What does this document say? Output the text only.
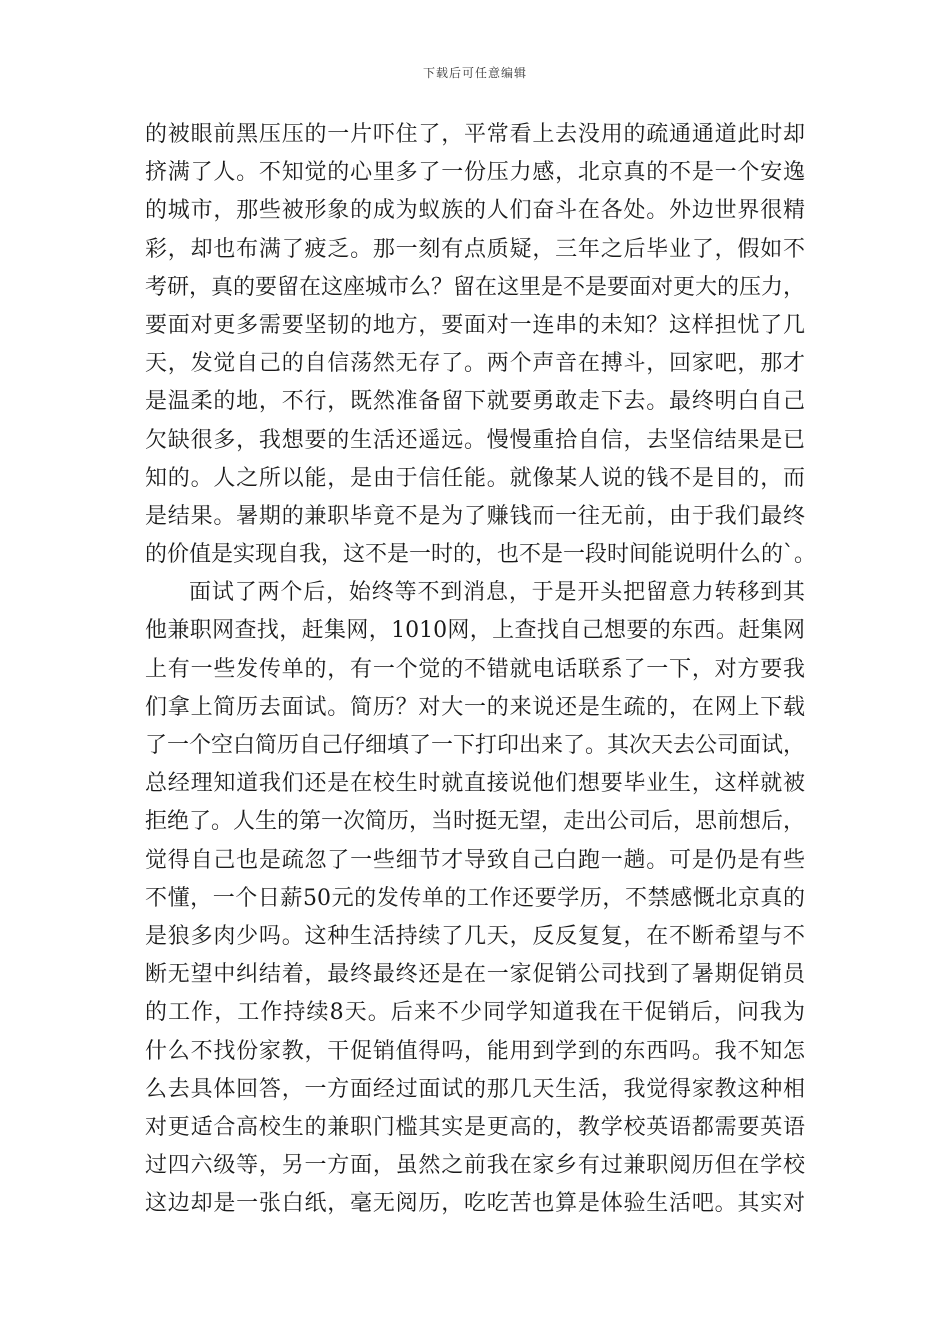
下载后可任意编辑
的被眼前黑压压的一片吓住了，平常看上去没用的疏通通道此时却
挤满了人。不知觉的心里多了一份压力感，北京真的不是一个安逸
的城市，那些被形象的成为蚁族的人们奋斗在各处。外边世界很精
彩，却也布满了疲乏。那一刻有点质疑，三年之后毕业了，假如不
考研，真的要留在这座城市么？留在这里是不是要面对更大的压力，
要面对更多需要坚韧的地方，要面对一连串的未知？这样担忧了几
天，发觉自己的自信荡然无存了。两个声音在搏斗，回家吧，那才
是温柔的地，不行，既然准备留下就要勇敢走下去。最终明白自己
欠缺很多，我想要的生活还遥远。慢慢重拾自信，去坚信结果是已
知的。人之所以能，是由于信任能。就像某人说的钱不是目的，而
是结果。暑期的兼职毕竟不是为了赚钱而一往无前，由于我们最终
的价值是实现自我，这不是一时的，也不是一段时间能说明什么的`。
面试了两个后，始终等不到消息，于是开头把留意力转移到其
他兼职网查找，赶集网，1010网，上查找自己想要的东西。赶集网
上有一些发传单的，有一个觉的不错就电话联系了一下，对方要我
们拿上简历去面试。简历？对大一的来说还是生疏的，在网上下载
了一个空白简历自己仔细填了一下打印出来了。其次天去公司面试，
总经理知道我们还是在校生时就直接说他们想要毕业生，这样就被
拒绝了。人生的第一次简历，当时挺无望，走出公司后，思前想后，
觉得自己也是疏忽了一些细节才导致自己白跑一趟。可是仍是有些
不懂，一个日薪50元的发传单的工作还要学历，不禁感慨北京真的
是狼多肉少吗。这种生活持续了几天，反反复复，在不断希望与不
断无望中纠结着，最终最终还是在一家促销公司找到了暑期促销员
的工作，工作持续8天。后来不少同学知道我在干促销后，问我为
什么不找份家教，干促销值得吗，能用到学到的东西吗。我不知怎
么去具体回答，一方面经过面试的那几天生活，我觉得家教这种相
对更适合高校生的兼职门槛其实是更高的，教学校英语都需要英语
过四六级等，另一方面，虽然之前我在家乡有过兼职阅历但在学校
这边却是一张白纸，毫无阅历，吃吃苦也算是体验生活吧。其实对
